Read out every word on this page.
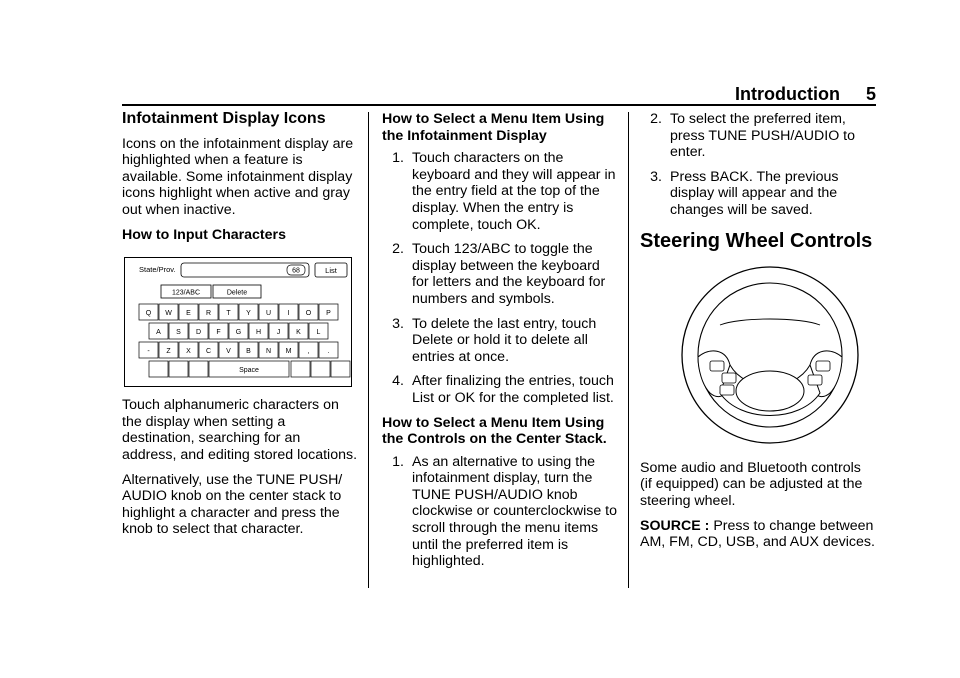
Introduction 5
Infotainment Display Icons

Icons on the infotainment display are highlighted when a feature is available. Some infotainment display icons highlight when active and gray out when inactive.

How to Input Characters
State/Prov.	68	List
123/ABC	Delete
Q W E R T Y U I O P
A S D F G H J K L
- Z X C V B N M ,	.
Space

Touch alphanumeric characters on the display when setting a destination, searching for an address, and editing stored locations.

Alternatively, use the TUNE PUSH/ AUDIO knob on the center stack to highlight a character and press the knob to select that character.

How to Select a Menu Item Using the Infotainment Display
1. Touch characters on the keyboard and they will appear in the entry field at the top of the display. When the entry is complete, touch OK.
2. Touch 123/ABC to toggle the display between the keyboard for letters and the keyboard for numbers and symbols.
3. To delete the last entry, touch Delete or hold it to delete all entries at once.
4. After finalizing the entries, touch List or OK for the completed list.
How to Select a Menu Item Using the Controls on the Center Stack.
1. As an alternative to using the infotainment display, turn the TUNE PUSH/AUDIO knob clockwise or counterclockwise to scroll through the menu items until the preferred item is highlighted.
2. To select the preferred item, press TUNE PUSH/AUDIO to enter.
3. Press BACK. The previous display will appear and the changes will be saved.
Steering Wheel Controls

Some audio and Bluetooth controls (if equipped) can be adjusted at the steering wheel.

SOURCE : Press to change between AM, FM, CD, USB, and AUX devices.
